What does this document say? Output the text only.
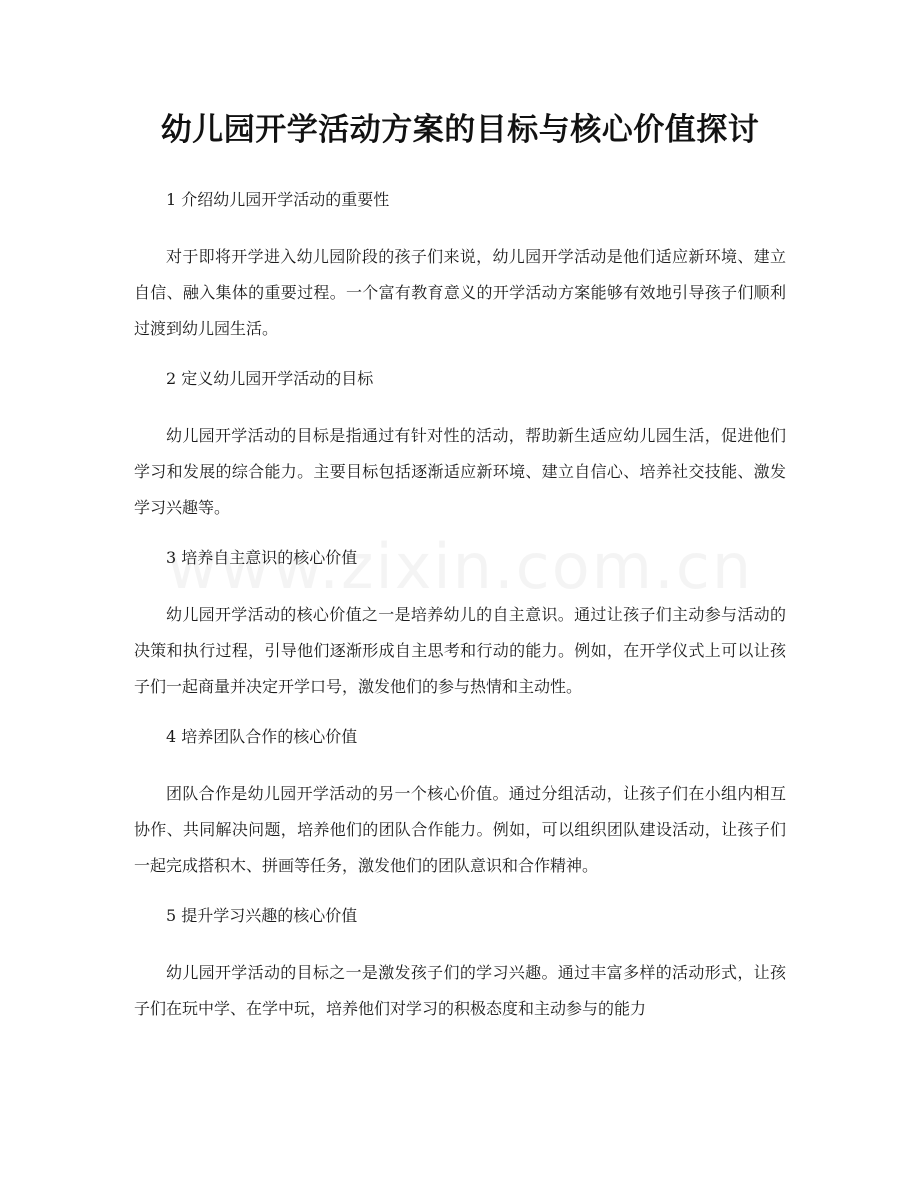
幼儿园开学活动方案的目标与核心价值探讨

1 介绍幼儿园开学活动的重要性

对于即将开学进入幼儿园阶段的孩子们来说，幼儿园开学活动是他们适应新环境、建立自信、融入集体的重要过程。一个富有教育意义的开学活动方案能够有效地引导孩子们顺利过渡到幼儿园生活。

2 定义幼儿园开学活动的目标

幼儿园开学活动的目标是指通过有针对性的活动，帮助新生适应幼儿园生活，促进他们学习和发展的综合能力。主要目标包括逐渐适应新环境、建立自信心、培养社交技能、激发学习兴趣等。

3 培养自主意识的核心价值

幼儿园开学活动的核心价值之一是培养幼儿的自主意识。通过让孩子们主动参与活动的决策和执行过程，引导他们逐渐形成自主思考和行动的能力。例如，在开学仪式上可以让孩子们一起商量并决定开学口号，激发他们的参与热情和主动性。

4 培养团队合作的核心价值

团队合作是幼儿园开学活动的另一个核心价值。通过分组活动，让孩子们在小组内相互协作、共同解决问题，培养他们的团队合作能力。例如，可以组织团队建设活动，让孩子们一起完成搭积木、拼画等任务，激发他们的团队意识和合作精神。

5 提升学习兴趣的核心价值

幼儿园开学活动的目标之一是激发孩子们的学习兴趣。通过丰富多样的活动形式，让孩子们在玩中学、在学中玩，培养他们对学习的积极态度和主动参与的能力
